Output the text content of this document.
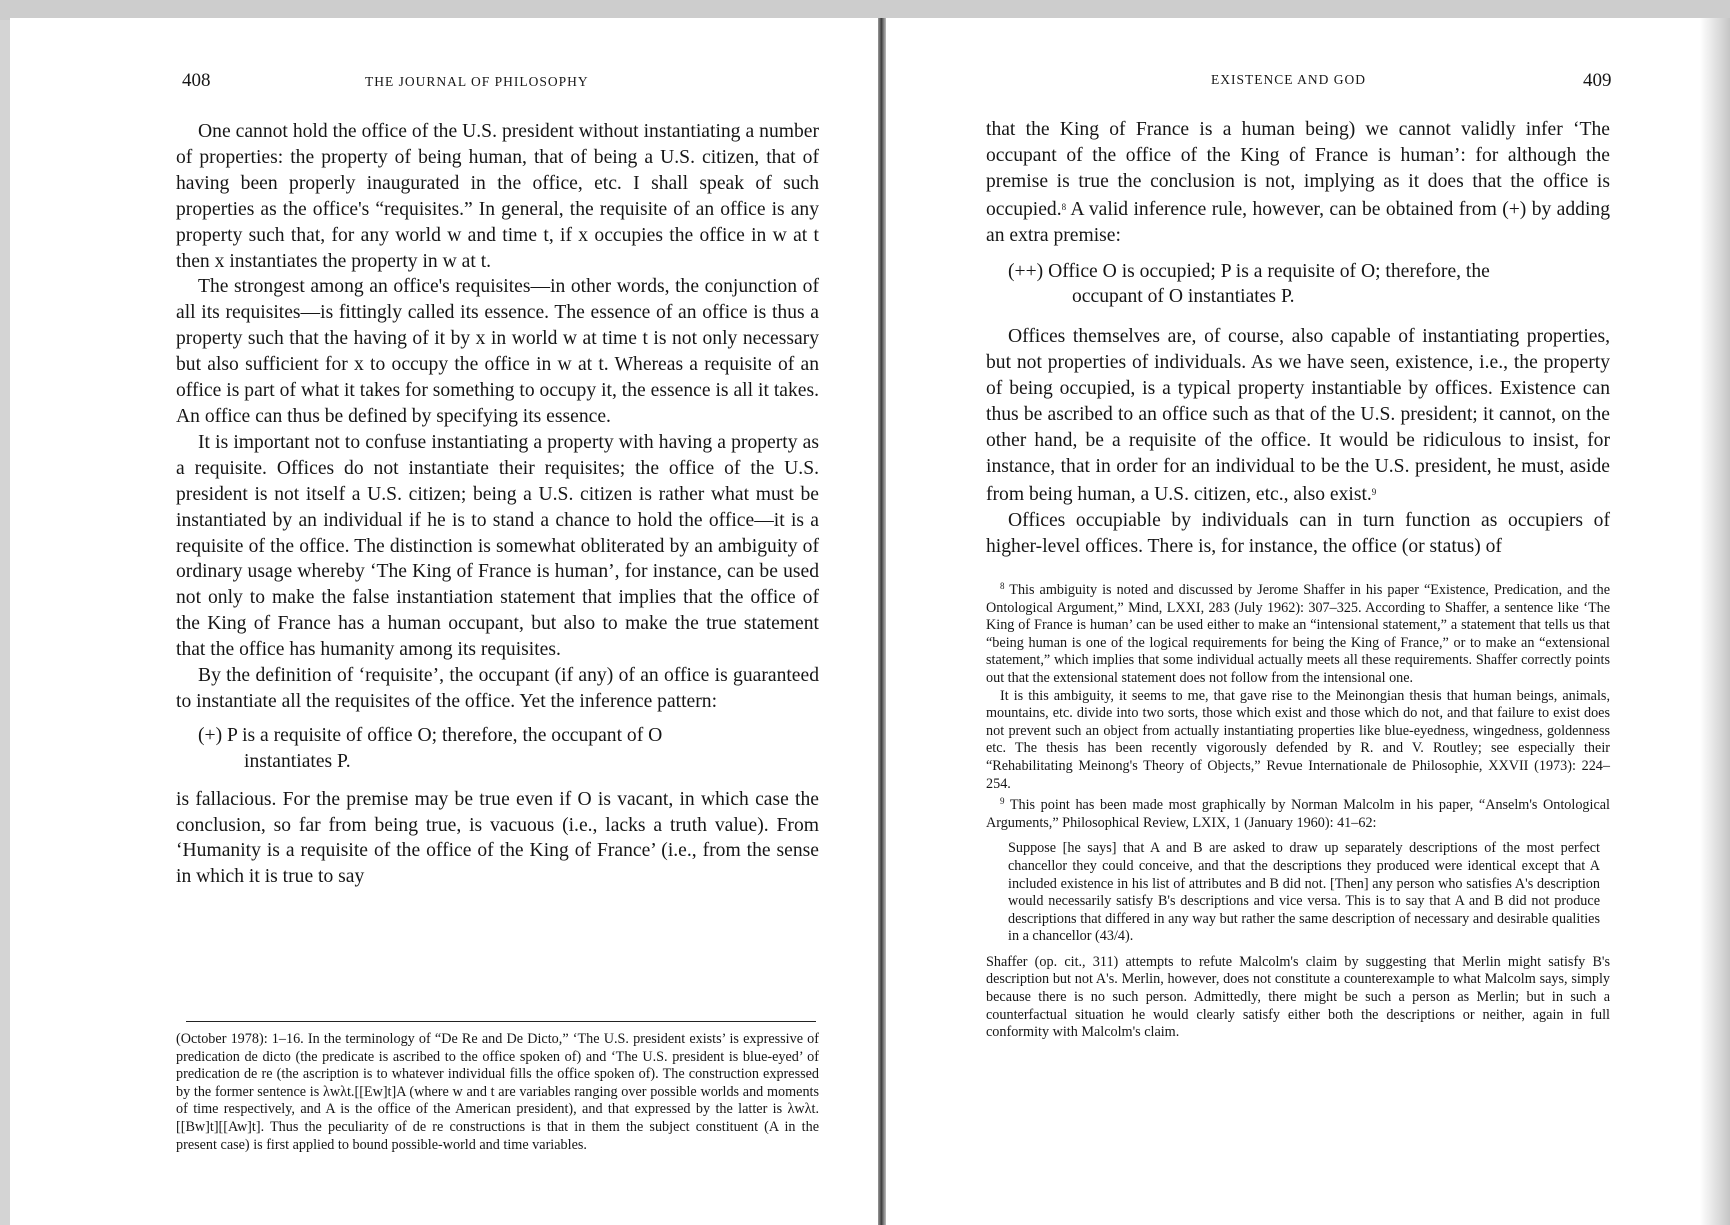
408	THE JOURNAL OF PHILOSOPHY

One cannot hold the office of the U.S. president without instantiating a number of properties: the property of being human, that of being a U.S. citizen, that of having been properly inaugurated in the office, etc. I shall speak of such properties as the office's “requisites.” In general, the requisite of an office is any property such that, for any world w and time t, if x occupies the office in w at t then x instantiates the property in w at t.

The strongest among an office's requisites—in other words, the conjunction of all its requisites—is fittingly called its essence. The essence of an office is thus a property such that the having of it by x in world w at time t is not only necessary but also sufficient for x to occupy the office in w at t. Whereas a requisite of an office is part of what it takes for something to occupy it, the essence is all it takes. An office can thus be defined by specifying its essence.

It is important not to confuse instantiating a property with having a property as a requisite. Offices do not instantiate their requisites; the office of the U.S. president is not itself a U.S. citizen; being a U.S. citizen is rather what must be instantiated by an individual if he is to stand a chance to hold the office—it is a requisite of the office. The distinction is somewhat obliterated by an ambiguity of ordinary usage whereby ‘The King of France is human’, for instance, can be used not only to make the false instantiation statement that implies that the office of the King of France has a human occupant, but also to make the true statement that the office has humanity among its requisites.

By the definition of ‘requisite’, the occupant (if any) of an office is guaranteed to instantiate all the requisites of the office. Yet the inference pattern:

(+) P is a requisite of office O; therefore, the occupant of O
instantiates P.

is fallacious. For the premise may be true even if O is vacant, in which case the conclusion, so far from being true, is vacuous (i.e., lacks a truth value). From ‘Humanity is a requisite of the office of the King of France’ (i.e., from the sense in which it is true to say

(October 1978): 1–16. In the terminology of “De Re and De Dicto,” ‘The U.S. president exists’ is expressive of predication de dicto (the predicate is ascribed to the office spoken of) and ‘The U.S. president is blue-eyed’ of predication de re (the ascription is to whatever individual fills the office spoken of). The construction expressed by the former sentence is λwλt.[[Ew]t]A (where w and t are variables ranging over possible worlds and moments of time respectively, and A is the office of the American president), and that expressed by the latter is λwλt.[[Bw]t][[Aw]t]. Thus the peculiarity of de re constructions is that in them the subject constituent (A in the present case) is first applied to bound possible-world and time variables.

EXISTENCE AND GOD	409

that the King of France is a human being) we cannot validly infer ‘The occupant of the office of the King of France is human’: for although the premise is true the conclusion is not, implying as it does that the office is occupied.$^8$ A valid inference rule, however, can be obtained from (+) by adding an extra premise:

(++) Office O is occupied; P is a requisite of O; therefore, the
occupant of O instantiates P.

Offices themselves are, of course, also capable of instantiating properties, but not properties of individuals. As we have seen, existence, i.e., the property of being occupied, is a typical property instantiable by offices. Existence can thus be ascribed to an office such as that of the U.S. president; it cannot, on the other hand, be a requisite of the office. It would be ridiculous to insist, for instance, that in order for an individual to be the U.S. president, he must, aside from being human, a U.S. citizen, etc., also exist.$^9$

Offices occupiable by individuals can in turn function as occupiers of higher-level offices. There is, for instance, the office (or status) of

$^8$ This ambiguity is noted and discussed by Jerome Shaffer in his paper “Existence, Predication, and the Ontological Argument,” Mind, LXXI, 283 (July 1962): 307–325. According to Shaffer, a sentence like ‘The King of France is human’ can be used either to make an “intensional statement,” a statement that tells us that “being human is one of the logical requirements for being the King of France,” or to make an “extensional statement,” which implies that some individual actually meets all these requirements. Shaffer correctly points out that the extensional statement does not follow from the intensional one.

It is this ambiguity, it seems to me, that gave rise to the Meinongian thesis that human beings, animals, mountains, etc. divide into two sorts, those which exist and those which do not, and that failure to exist does not prevent such an object from actually instantiating properties like blue-eyedness, wingedness, goldenness etc. The thesis has been recently vigorously defended by R. and V. Routley; see especially their “Rehabilitating Meinong's Theory of Objects,” Revue Internationale de Philosophie, XXVII (1973): 224–254.

$^9$ This point has been made most graphically by Norman Malcolm in his paper, “Anselm's Ontological Arguments,” Philosophical Review, LXIX, 1 (January 1960): 41–62:

Suppose [he says] that A and B are asked to draw up separately descriptions of the most perfect chancellor they could conceive, and that the descriptions they produced were identical except that A included existence in his list of attributes and B did not. [Then] any person who satisfies A's description would necessarily satisfy B's descriptions and vice versa. This is to say that A and B did not produce descriptions that differed in any way but rather the same description of necessary and desirable qualities in a chancellor (43/4).

Shaffer (op. cit., 311) attempts to refute Malcolm's claim by suggesting that Merlin might satisfy B's description but not A's. Merlin, however, does not constitute a counterexample to what Malcolm says, simply because there is no such person. Admittedly, there might be such a person as Merlin; but in such a counterfactual situation he would clearly satisfy either both the descriptions or neither, again in full conformity with Malcolm's claim.
